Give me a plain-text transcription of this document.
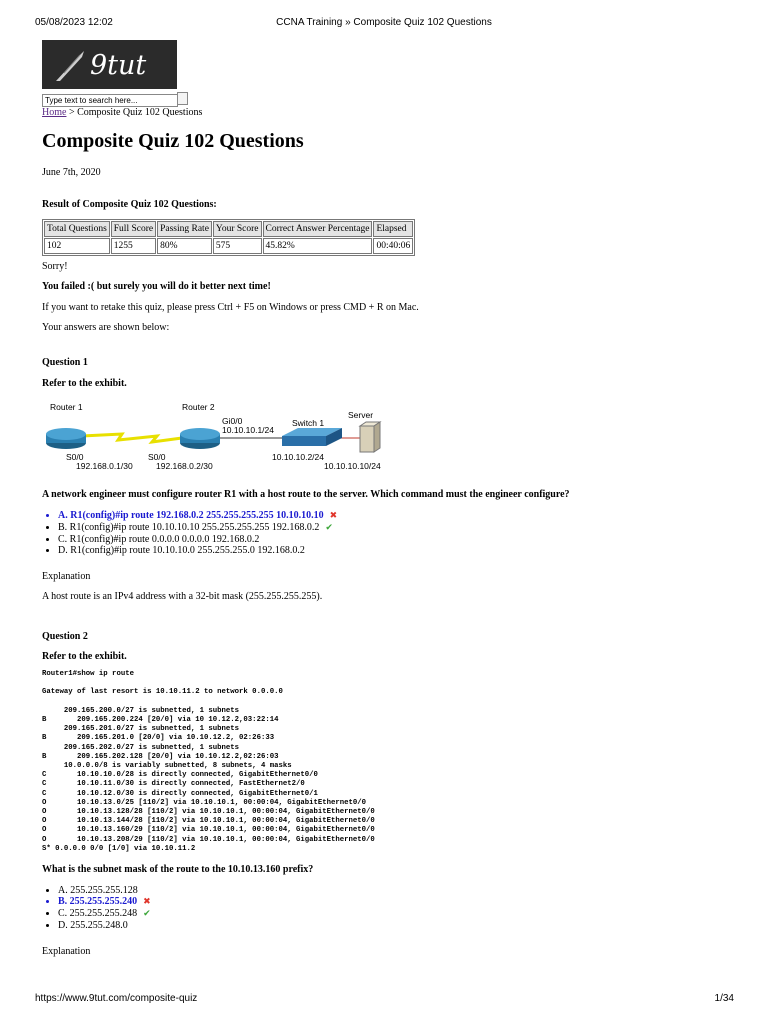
05/08/2023 12:02	CCNA Training » Composite Quiz 102 Questions
9tut
Type text to search here...
Home > Composite Quiz 102 Questions
Composite Quiz 102 Questions
June 7th, 2020
Result of Composite Quiz 102 Questions:
Total Questions	Full Score	Passing Rate	Your Score	Correct Answer Percentage	Elapsed
102	1255	80%	575	45.82%	00:40:06
Sorry!
You failed :( but surely you will do it better next time!
If you want to retake this quiz, please press Ctrl + F5 on Windows or press CMD + R on Mac.
Your answers are shown below:
Question 1
Refer to the exhibit.
Router 1	Router 2
Gi0/0
10.10.10.1/24
Switch 1
Server
S0/0
192.168.0.1/30
S0/0
192.168.0.2/30
10.10.10.2/24
10.10.10.10/24
A network engineer must configure router R1 with a host route to the server. Which command must the engineer configure?
• A. R1(config)#ip route 192.168.0.2 255.255.255.255 10.10.10.10 ✖
• B. R1(config)#ip route 10.10.10.10 255.255.255.255 192.168.0.2 ✔
• C. R1(config)#ip route 0.0.0.0 0.0.0.0 192.168.0.2
• D. R1(config)#ip route 10.10.10.0 255.255.255.0 192.168.0.2
Explanation
A host route is an IPv4 address with a 32-bit mask (255.255.255.255).
Question 2
Refer to the exhibit.
Router1#show ip route

Gateway of last resort is 10.10.11.2 to network 0.0.0.0

209.165.200.0/27 is subnetted, 1 subnets
B       209.165.200.224 [20/0] via 10 10.12.2,03:22:14
209.165.201.0/27 is subnetted, 1 subnets
B       209.165.201.0 [20/0] via 10.10.12.2, 02:26:33
209.165.202.0/27 is subnetted, 1 subnets
B       209.165.202.128 [20/0] via 10.10.12.2,02:26:03
10.0.0.0/8 is variably subnetted, 8 subnets, 4 masks
C       10.10.10.0/28 is directly connected, GigabitEthernet0/0
C       10.10.11.0/30 is directly connected, FastEthernet2/0
C       10.10.12.0/30 is directly connected, GigabitEthernet0/1
O       10.10.13.0/25 [110/2] via 10.10.10.1, 00:00:04, GigabitEthernet0/0
O       10.10.13.128/28 [110/2] via 10.10.10.1, 00:00:04, GigabitEthernet0/0
O       10.10.13.144/28 [110/2] via 10.10.10.1, 00:00:04, GigabitEthernet0/0
O       10.10.13.160/29 [110/2] via 10.10.10.1, 00:00:04, GigabitEthernet0/0
O       10.10.13.208/29 [110/2] via 10.10.10.1, 00:00:04, GigabitEthernet0/0
S* 0.0.0.0 0/0 [1/0] via 10.10.11.2
What is the subnet mask of the route to the 10.10.13.160 prefix?
• A. 255.255.255.128
• B. 255.255.255.240 ✖
• C. 255.255.255.248 ✔
• D. 255.255.248.0
Explanation
https://www.9tut.com/composite-quiz	1/34
